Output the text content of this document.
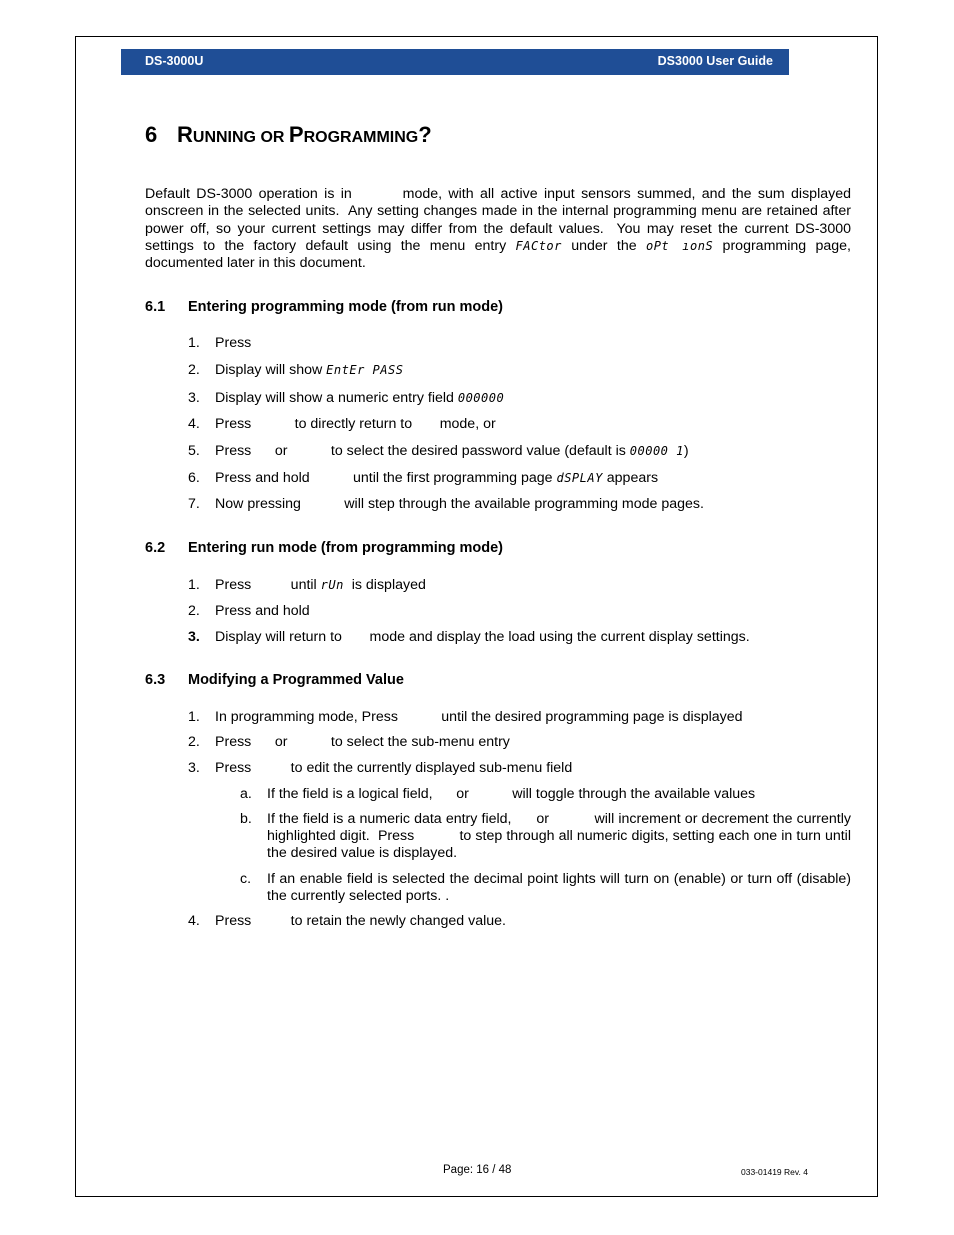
DS-3000U	DS3000 User Guide
6 RUNNING OR PROGRAMMING?
Default DS-3000 operation is in        mode, with all active input sensors summed, and the sum displayed onscreen in the selected units.  Any setting changes made in the internal programming menu are retained after power off, so your current settings may differ from the default values.  You may reset the current DS-3000 settings to the factory default using the menu entry FACtor under the oPt ıonS programming page, documented later in this document.
6.1 Entering programming mode (from run mode)
1. Press
2. Display will show EntEr PASS
3. Display will show a numeric entry field 000000
4. Press           to directly return to       mode, or
5. Press      or           to select the desired password value (default is 00000 1)
6. Press and hold           until the first programming page dSPLAY appears
7. Now pressing           will step through the available programming mode pages.
6.2 Entering run mode (from programming mode)
1. Press          until rUn  is displayed
2. Press and hold
3. Display will return to       mode and display the load using the current display settings.
6.3 Modifying a Programmed Value
1. In programming mode, Press           until the desired programming page is displayed
2. Press      or           to select the sub-menu entry
3. Press          to edit the currently displayed sub-menu field
a. If the field is a logical field,      or           will toggle through the available values
b. If the field is a numeric data entry field,      or           will increment or decrement the currently highlighted digit.  Press           to step through all numeric digits, setting each one in turn until the desired value is displayed.
c. If an enable field is selected the decimal point lights will turn on (enable) or turn off (disable) the currently selected ports. .
4. Press          to retain the newly changed value.
Page: 16 / 48	033-01419 Rev. 4
